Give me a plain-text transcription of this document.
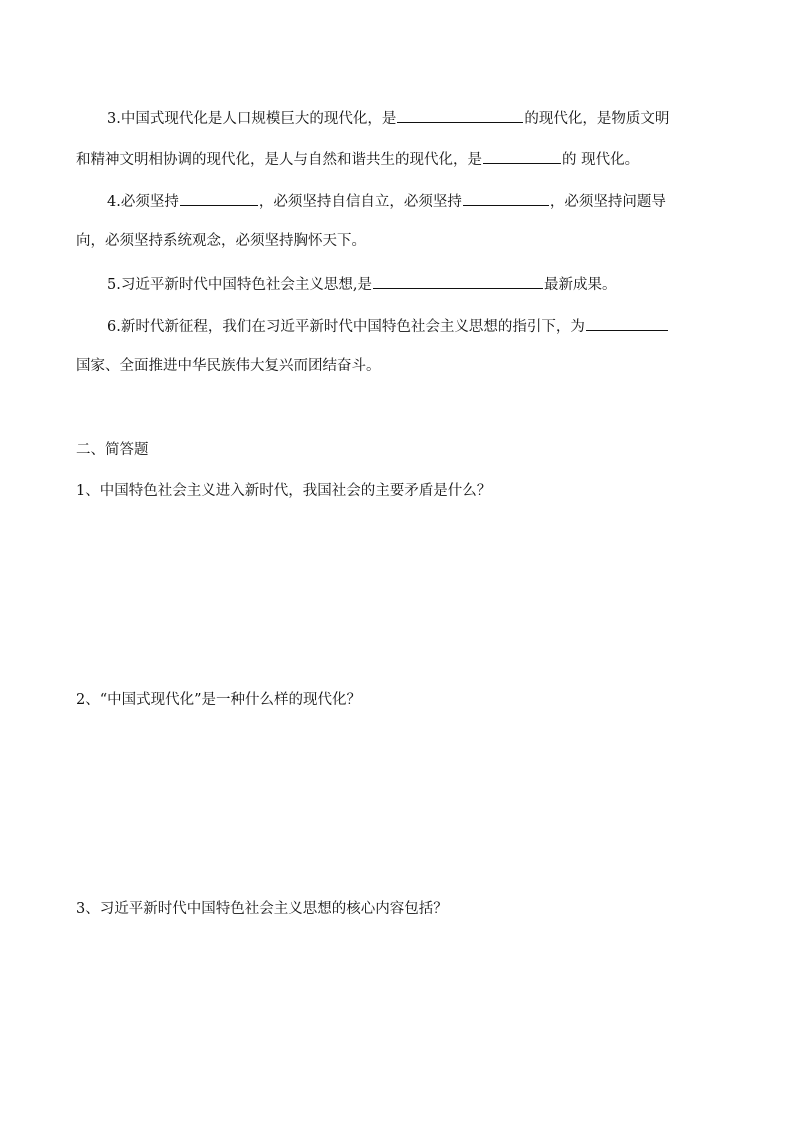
3.中国式现代化是人口规模巨大的现代化，是	的现代化，是物质文明
和精神文明相协调的现代化，是人与自然和谐共生的现代化，是	的 现代化。
4.必须坚持	，必须坚持自信自立，必须坚持	，必须坚持问题导
向，必须坚持系统观念，必须坚持胸怀天下。
5.习近平新时代中国特色社会主义思想,是	最新成果。
6.新时代新征程，我们在习近平新时代中国特色社会主义思想的指引下，为
国家、全面推进中华民族伟大复兴而团结奋斗。
二、简答题
1、中国特色社会主义进入新时代，我国社会的主要矛盾是什么？
2、“中国式现代化”是一种什么样的现代化？
3、习近平新时代中国特色社会主义思想的核心内容包括？
